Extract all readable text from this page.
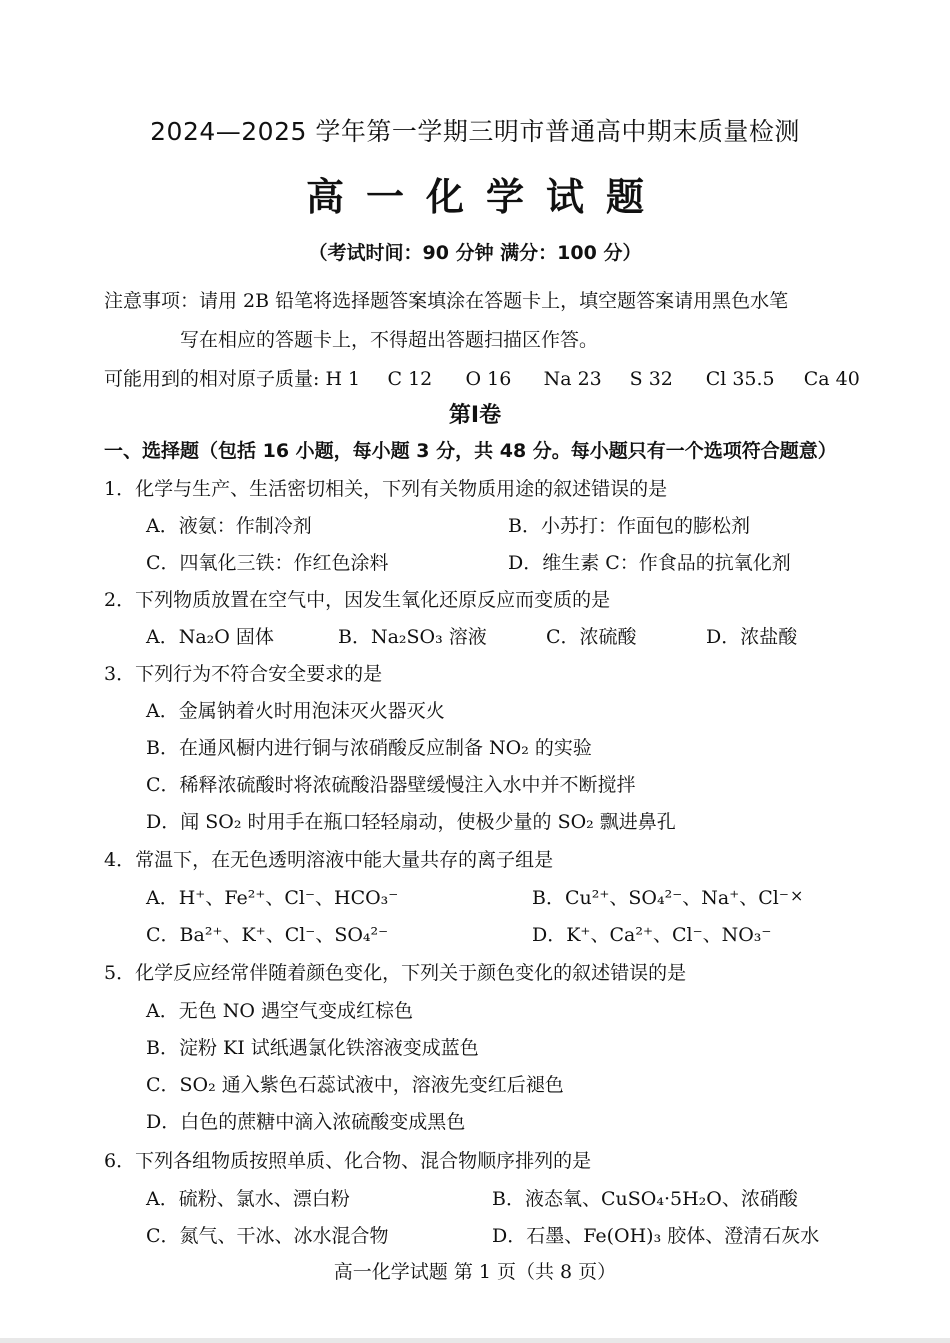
2024—2025 学年第一学期三明市普通高中期末质量检测
高一化学试题
（考试时间：90 分钟 满分：100 分）
注意事项：请用 2B 铅笔将选择题答案填涂在答题卡上，填空题答案请用黑色水笔
写在相应的答题卡上，不得超出答题扫描区作答。
可能用到的相对原子质量: H 1 C 12 O 16 Na 23 S 32 Cl 35.5 Ca 40
第Ⅰ卷
一、选择题（包括 16 小题，每小题 3 分，共 48 分。每小题只有一个选项符合题意）
1．化学与生产、生活密切相关，下列有关物质用途的叙述错误的是
A．液氨：作制冷剂	B．小苏打：作面包的膨松剂
C．四氧化三铁：作红色涂料	D．维生素 C：作食品的抗氧化剂
2．下列物质放置在空气中，因发生氧化还原反应而变质的是
A．Na₂O 固体	B．Na₂SO₃ 溶液	C．浓硫酸	D．浓盐酸
3．下列行为不符合安全要求的是
A．金属钠着火时用泡沫灭火器灭火
B．在通风橱内进行铜与浓硝酸反应制备 NO₂ 的实验
C．稀释浓硫酸时将浓硫酸沿器壁缓慢注入水中并不断搅拌
D．闻 SO₂ 时用手在瓶口轻轻扇动，使极少量的 SO₂ 飘进鼻孔
4．常温下，在无色透明溶液中能大量共存的离子组是
A．H⁺、Fe²⁺、Cl⁻、HCO₃⁻	B．Cu²⁺、SO₄²⁻、Na⁺、Cl⁻ ×
C．Ba²⁺、K⁺、Cl⁻、SO₄²⁻	D．K⁺、Ca²⁺、Cl⁻、NO₃⁻
5．化学反应经常伴随着颜色变化，下列关于颜色变化的叙述错误的是
A．无色 NO 遇空气变成红棕色
B．淀粉 KI 试纸遇氯化铁溶液变成蓝色
C．SO₂ 通入紫色石蕊试液中，溶液先变红后褪色
D．白色的蔗糖中滴入浓硫酸变成黑色
6．下列各组物质按照单质、化合物、混合物顺序排列的是
A．硫粉、氯水、漂白粉	B．液态氧、CuSO₄·5H₂O、浓硝酸
C．氮气、干冰、冰水混合物	D．石墨、Fe(OH)₃ 胶体、澄清石灰水
高一化学试题 第 1 页（共 8 页）
